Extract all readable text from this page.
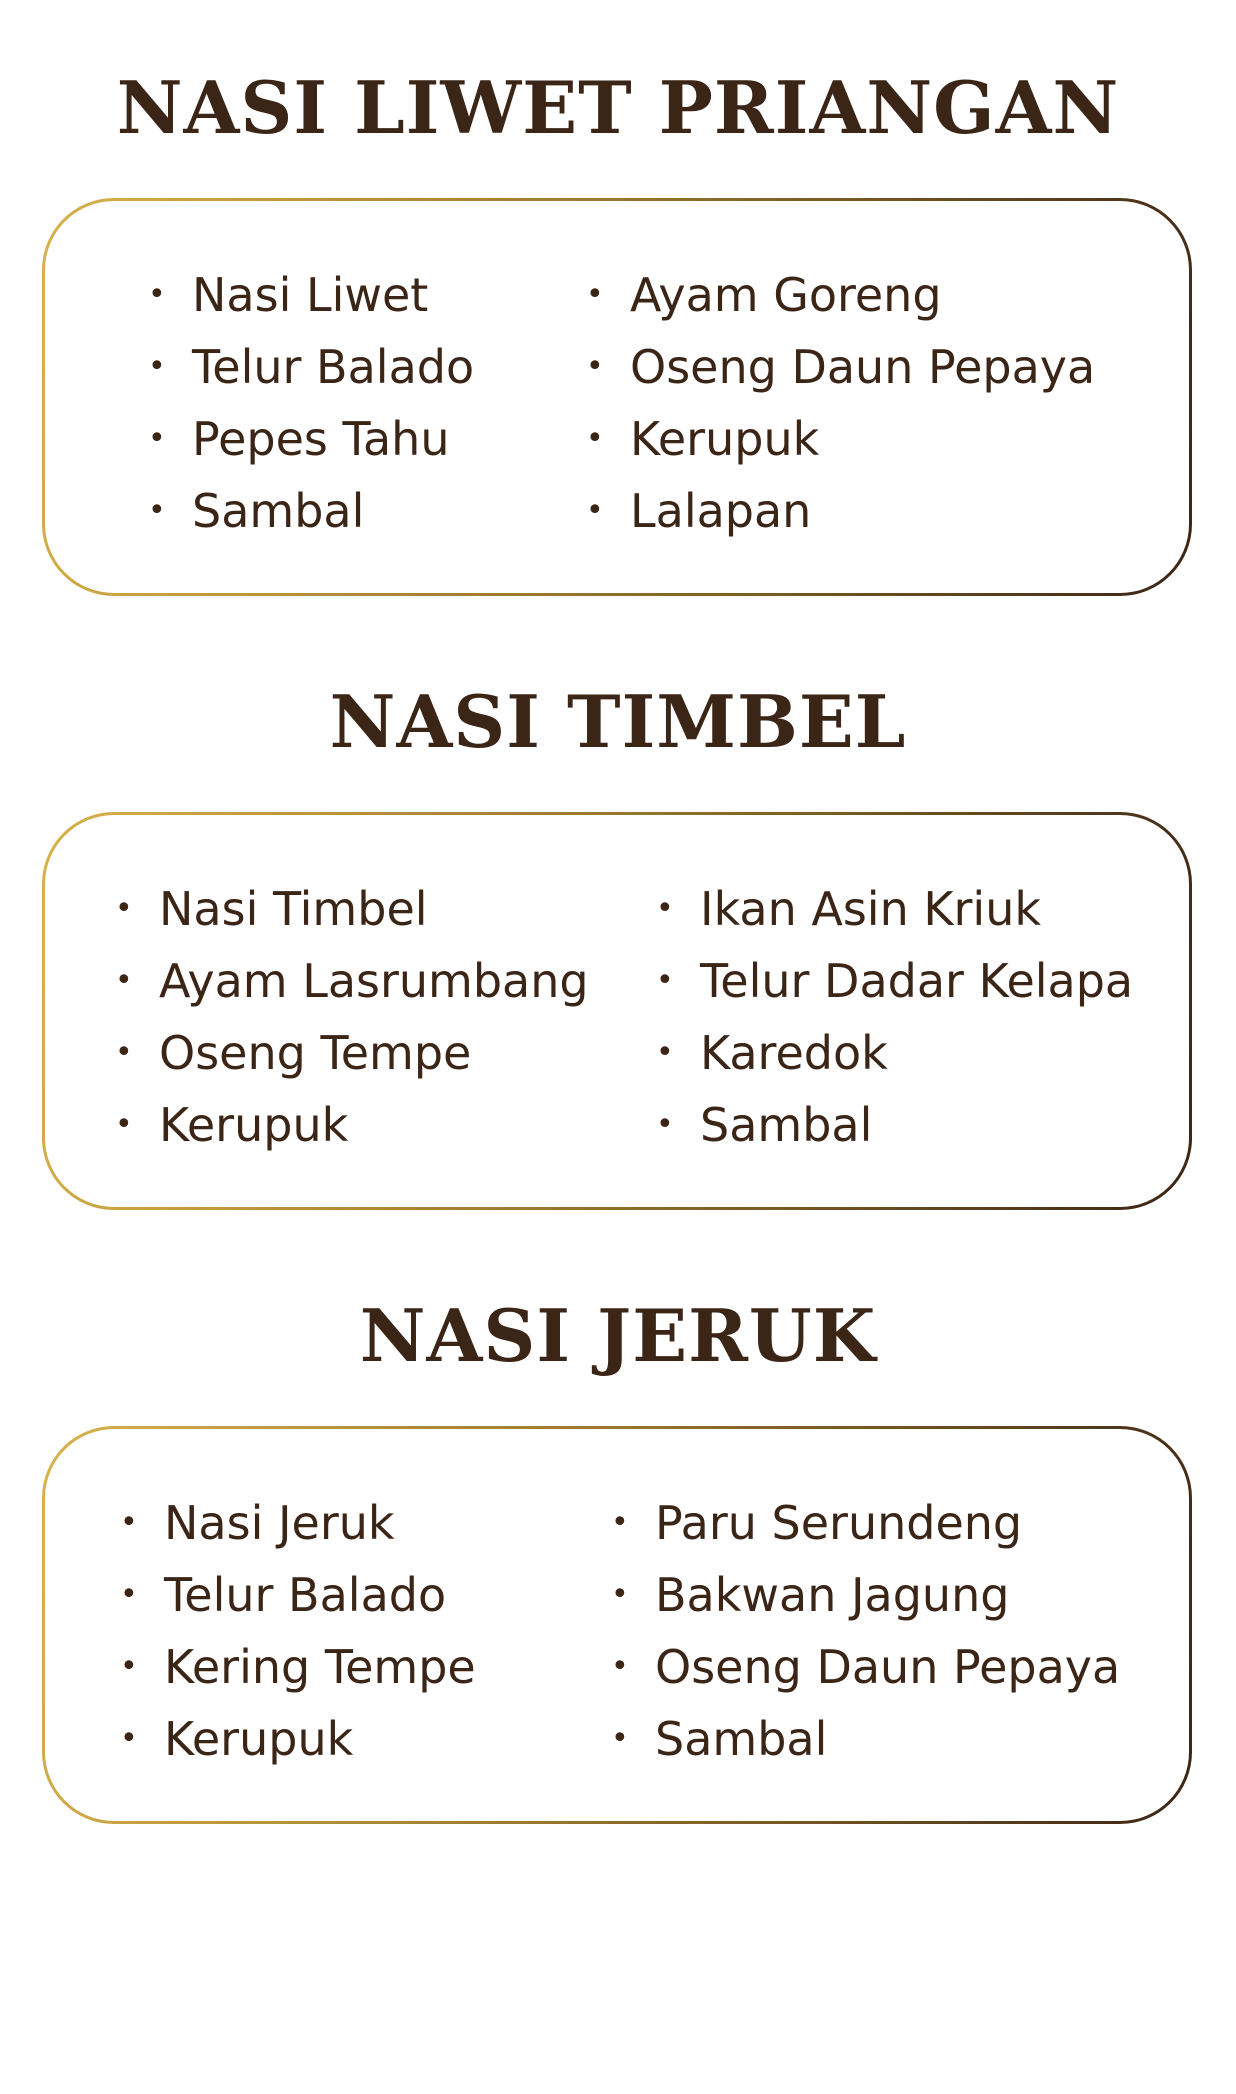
NASI LIWET PRIANGAN
• Nasi Liwet
• Telur Balado
• Pepes Tahu
• Sambal
• Ayam Goreng
• Oseng Daun Pepaya
• Kerupuk
• Lalapan
NASI TIMBEL
• Nasi Timbel
• Ayam Lasrumbang
• Oseng Tempe
• Kerupuk
• Ikan Asin Kriuk
• Telur Dadar Kelapa
• Karedok
• Sambal
NASI JERUK
• Nasi Jeruk
• Telur Balado
• Kering Tempe
• Kerupuk
• Paru Serundeng
• Bakwan Jagung
• Oseng Daun Pepaya
• Sambal
